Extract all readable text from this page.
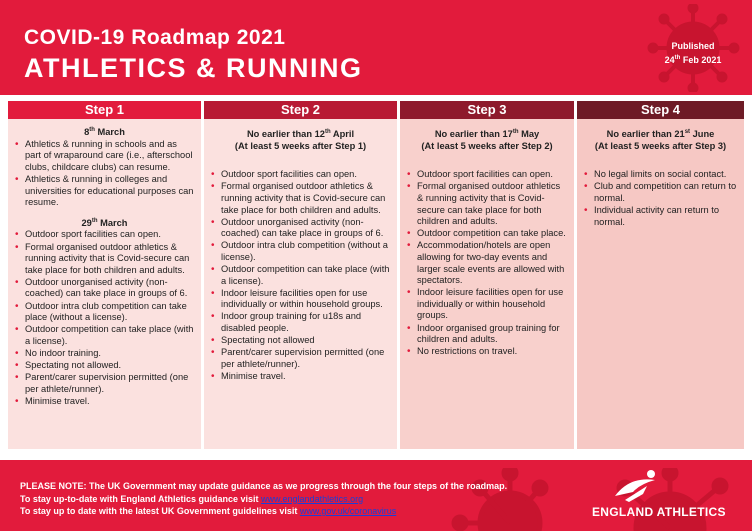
COVID-19 Roadmap 2021
ATHLETICS & RUNNING
Published
24th Feb 2021
Step 1	Step 2	Step 3	Step 4
8th March
• Athletics & running in schools and as part of wraparound care (i.e., afterschool clubs, childcare clubs) can resume.
• Athletics & running in colleges and universities for educational purposes can resume.
29th March
• Outdoor sport facilities can open.
• Formal organised outdoor athletics & running activity that is Covid-secure can take place for both children and adults.
• Outdoor unorganised activity (non-coached) can take place in groups of 6.
• Outdoor intra club competition can take place (without a license).
• Outdoor competition can take place (with a license).
• No indoor training.
• Spectating not allowed.
• Parent/carer supervision permitted (one per athlete/runner).
• Minimise travel.
No earlier than 12th April
(At least 5 weeks after Step 1)
• Outdoor sport facilities can open.
• Formal organised outdoor athletics & running activity that is Covid-secure can take place for both children and adults.
• Outdoor unorganised activity (non-coached) can take place in groups of 6.
• Outdoor intra club competition (without a license).
• Outdoor competition can take place (with a license).
• Indoor leisure facilities open for use individually or within household groups.
• Indoor group training for u18s and disabled people.
• Spectating not allowed
• Parent/carer supervision permitted (one per athlete/runner).
• Minimise travel.
No earlier than 17th May
(At least 5 weeks after Step 2)
• Outdoor sport facilities can open.
• Formal organised outdoor athletics & running activity that is Covid-secure can take place for both children and adults.
• Outdoor competition can take place.
• Accommodation/hotels are open allowing for two-day events and larger scale events are allowed with spectators.
• Indoor leisure facilities open for use individually or within household groups.
• Indoor organised group training for children and adults.
• No restrictions on travel.
No earlier than 21st June
(At least 5 weeks after Step 3)
• No legal limits on social contact.
• Club and competition can return to normal.
• Individual activity can return to normal.
PLEASE NOTE: The UK Government may update guidance as we progress through the four steps of the roadmap.
To stay up-to-date with England Athletics guidance visit www.englandathletics.org
To stay up to date with the latest UK Government guidelines visit www.gov.uk/coronavirus	ENGLAND ATHLETICS
